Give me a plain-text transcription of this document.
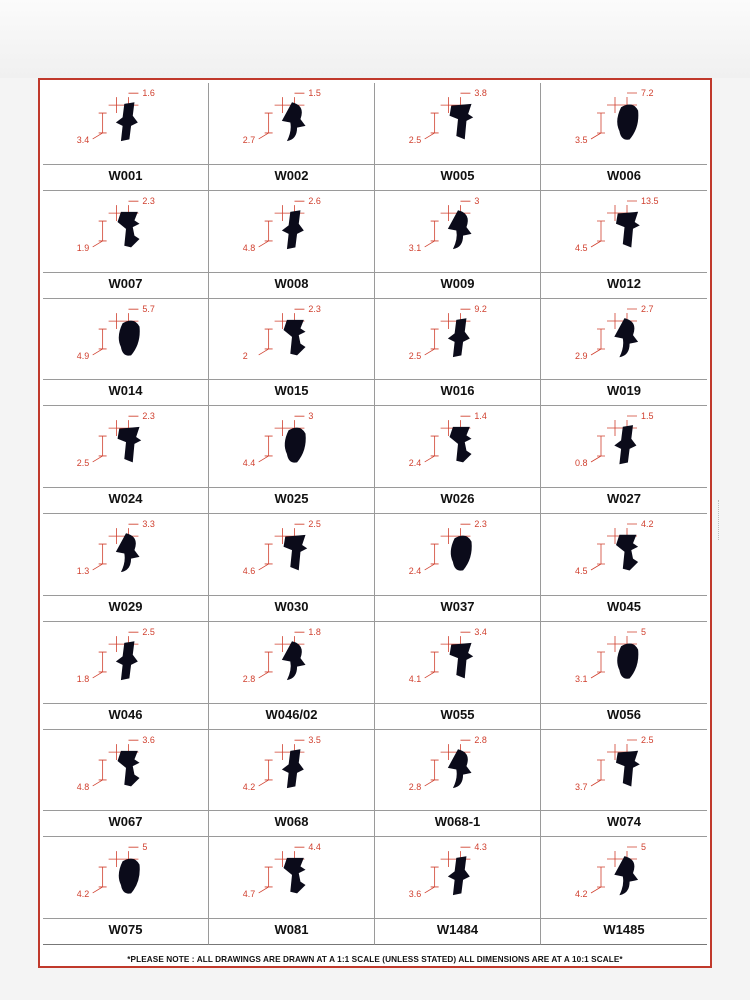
1.6
3.4
W001
1.5
2.7
W002
3.8
2.5
W005
7.2
3.5
W006
2.3
1.9
W007
2.6
4.8
W008
3
3.1
W009
13.5
4.5
W012
5.7
4.9
W014
2.3
2
W015
9.2
2.5
W016
2.7
2.9
W019
2.3
2.5
W024
3
4.4
W025
1.4
2.4
W026
1.5
0.8
W027
3.3
1.3
W029
2.5
4.6
W030
2.3
2.4
W037
4.2
4.5
W045
2.5
1.8
W046
1.8
2.8
W046/02
3.4
4.1
W055
5
3.1
W056
3.6
4.8
W067
3.5
4.2
W068
2.8
2.8
W068-1
2.5
3.7
W074
5
4.2
W075
4.4
4.7
W081
4.3
3.6
W1484
5
4.2
W1485
*PLEASE NOTE : ALL DRAWINGS ARE DRAWN AT A 1:1 SCALE (UNLESS STATED) ALL DIMENSIONS ARE AT A 10:1 SCALE*
